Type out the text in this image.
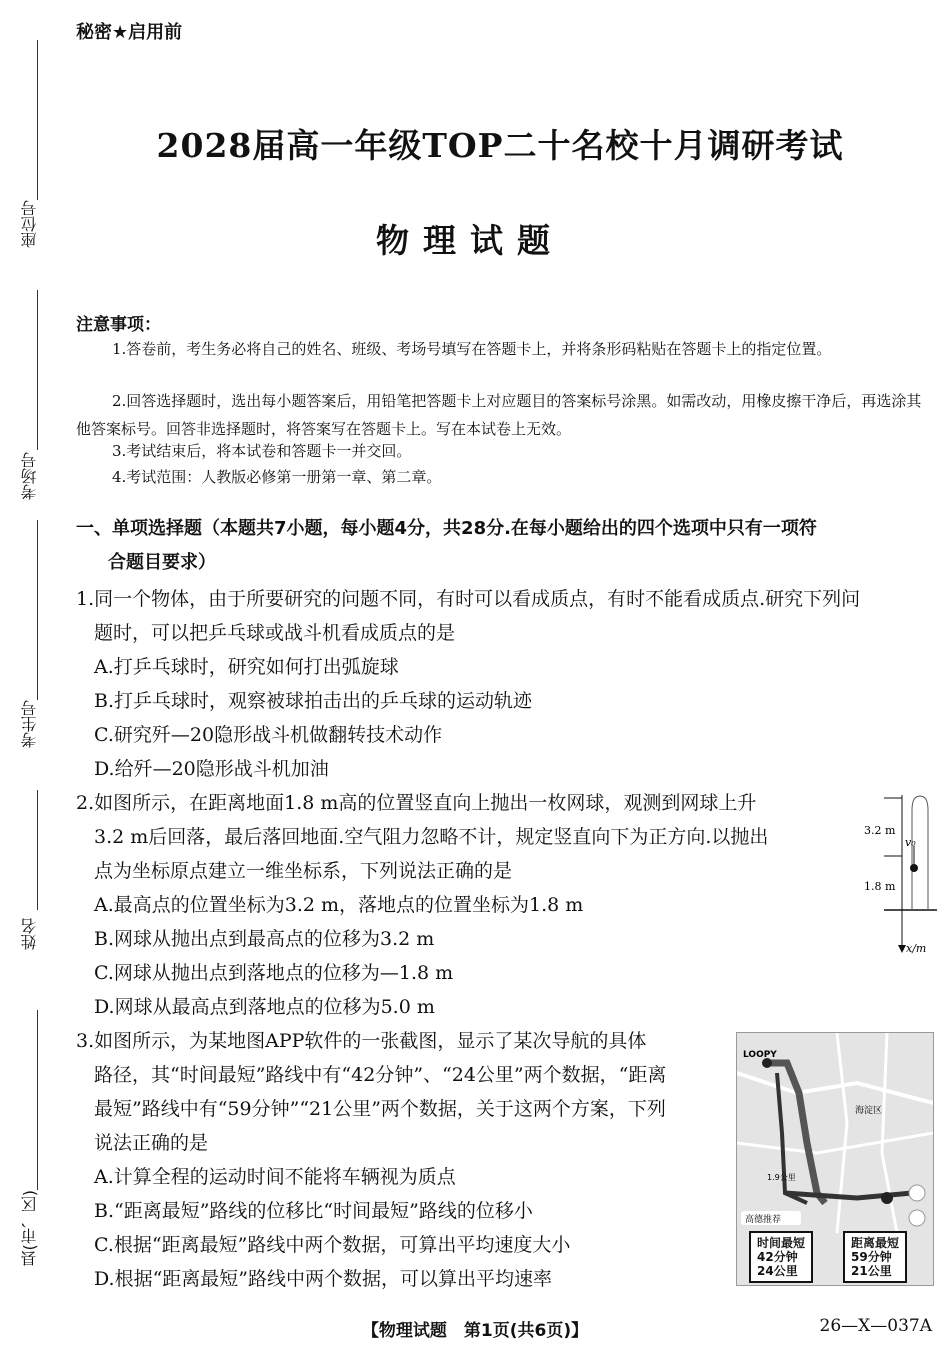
座位号
考场号
考生号
姓名
县(市、区)
秘密★启用前
2028届高一年级TOP二十名校十月调研考试
物理试题
注意事项：
1.答卷前，考生务必将自己的姓名、班级、考场号填写在答题卡上，并将条形码粘贴在答题卡上的指定位置。
2.回答选择题时，选出每小题答案后，用铅笔把答题卡上对应题目的答案标号涂黑。如需改动，用橡皮擦干净后，再选涂其他答案标号。回答非选择题时，将答案写在答题卡上。写在本试卷上无效。
3.考试结束后，将本试卷和答题卡一并交回。
4.考试范围：人教版必修第一册第一章、第二章。
一、单项选择题（本题共7小题，每小题4分，共28分.在每小题给出的四个选项中只有一项符
合题目要求）
1.同一个物体，由于所要研究的问题不同，有时可以看成质点，有时不能看成质点.研究下列问
题时，可以把乒乓球或战斗机看成质点的是
A.打乒乓球时，研究如何打出弧旋球
B.打乒乓球时，观察被球拍击出的乒乓球的运动轨迹
C.研究歼—20隐形战斗机做翻转技术动作
D.给歼—20隐形战斗机加油
2.如图所示，在距离地面1.8 m高的位置竖直向上抛出一枚网球，观测到网球上升
3.2 m后回落，最后落回地面.空气阻力忽略不计，规定竖直向下为正方向.以抛出
点为坐标原点建立一维坐标系，下列说法正确的是
A.最高点的位置坐标为3.2 m，落地点的位置坐标为1.8 m
B.网球从抛出点到最高点的位移为3.2 m
C.网球从抛出点到落地点的位移为—1.8 m
D.网球从最高点到落地点的位移为5.0 m
3.2 m
1.8 m
v₀
x/m
3.如图所示，为某地图APP软件的一张截图，显示了某次导航的具体
路径，其“时间最短”路线中有“42分钟”、“24公里”两个数据，“距离
最短”路线中有“59分钟”“21公里”两个数据，关于这两个方案，下列
说法正确的是
A.计算全程的运动时间不能将车辆视为质点
B.“距离最短”路线的位移比“时间最短”路线的位移小
C.根据“距离最短”路线中两个数据，可算出平均速度大小
D.根据“距离最短”路线中两个数据，可以算出平均速率
LOOPY
海淀区
1.9公里
高德推荐
时间最短
42分钟
24公里
距离最短
59分钟
21公里
【物理试题　第1页(共6页)】	26—X—037A
